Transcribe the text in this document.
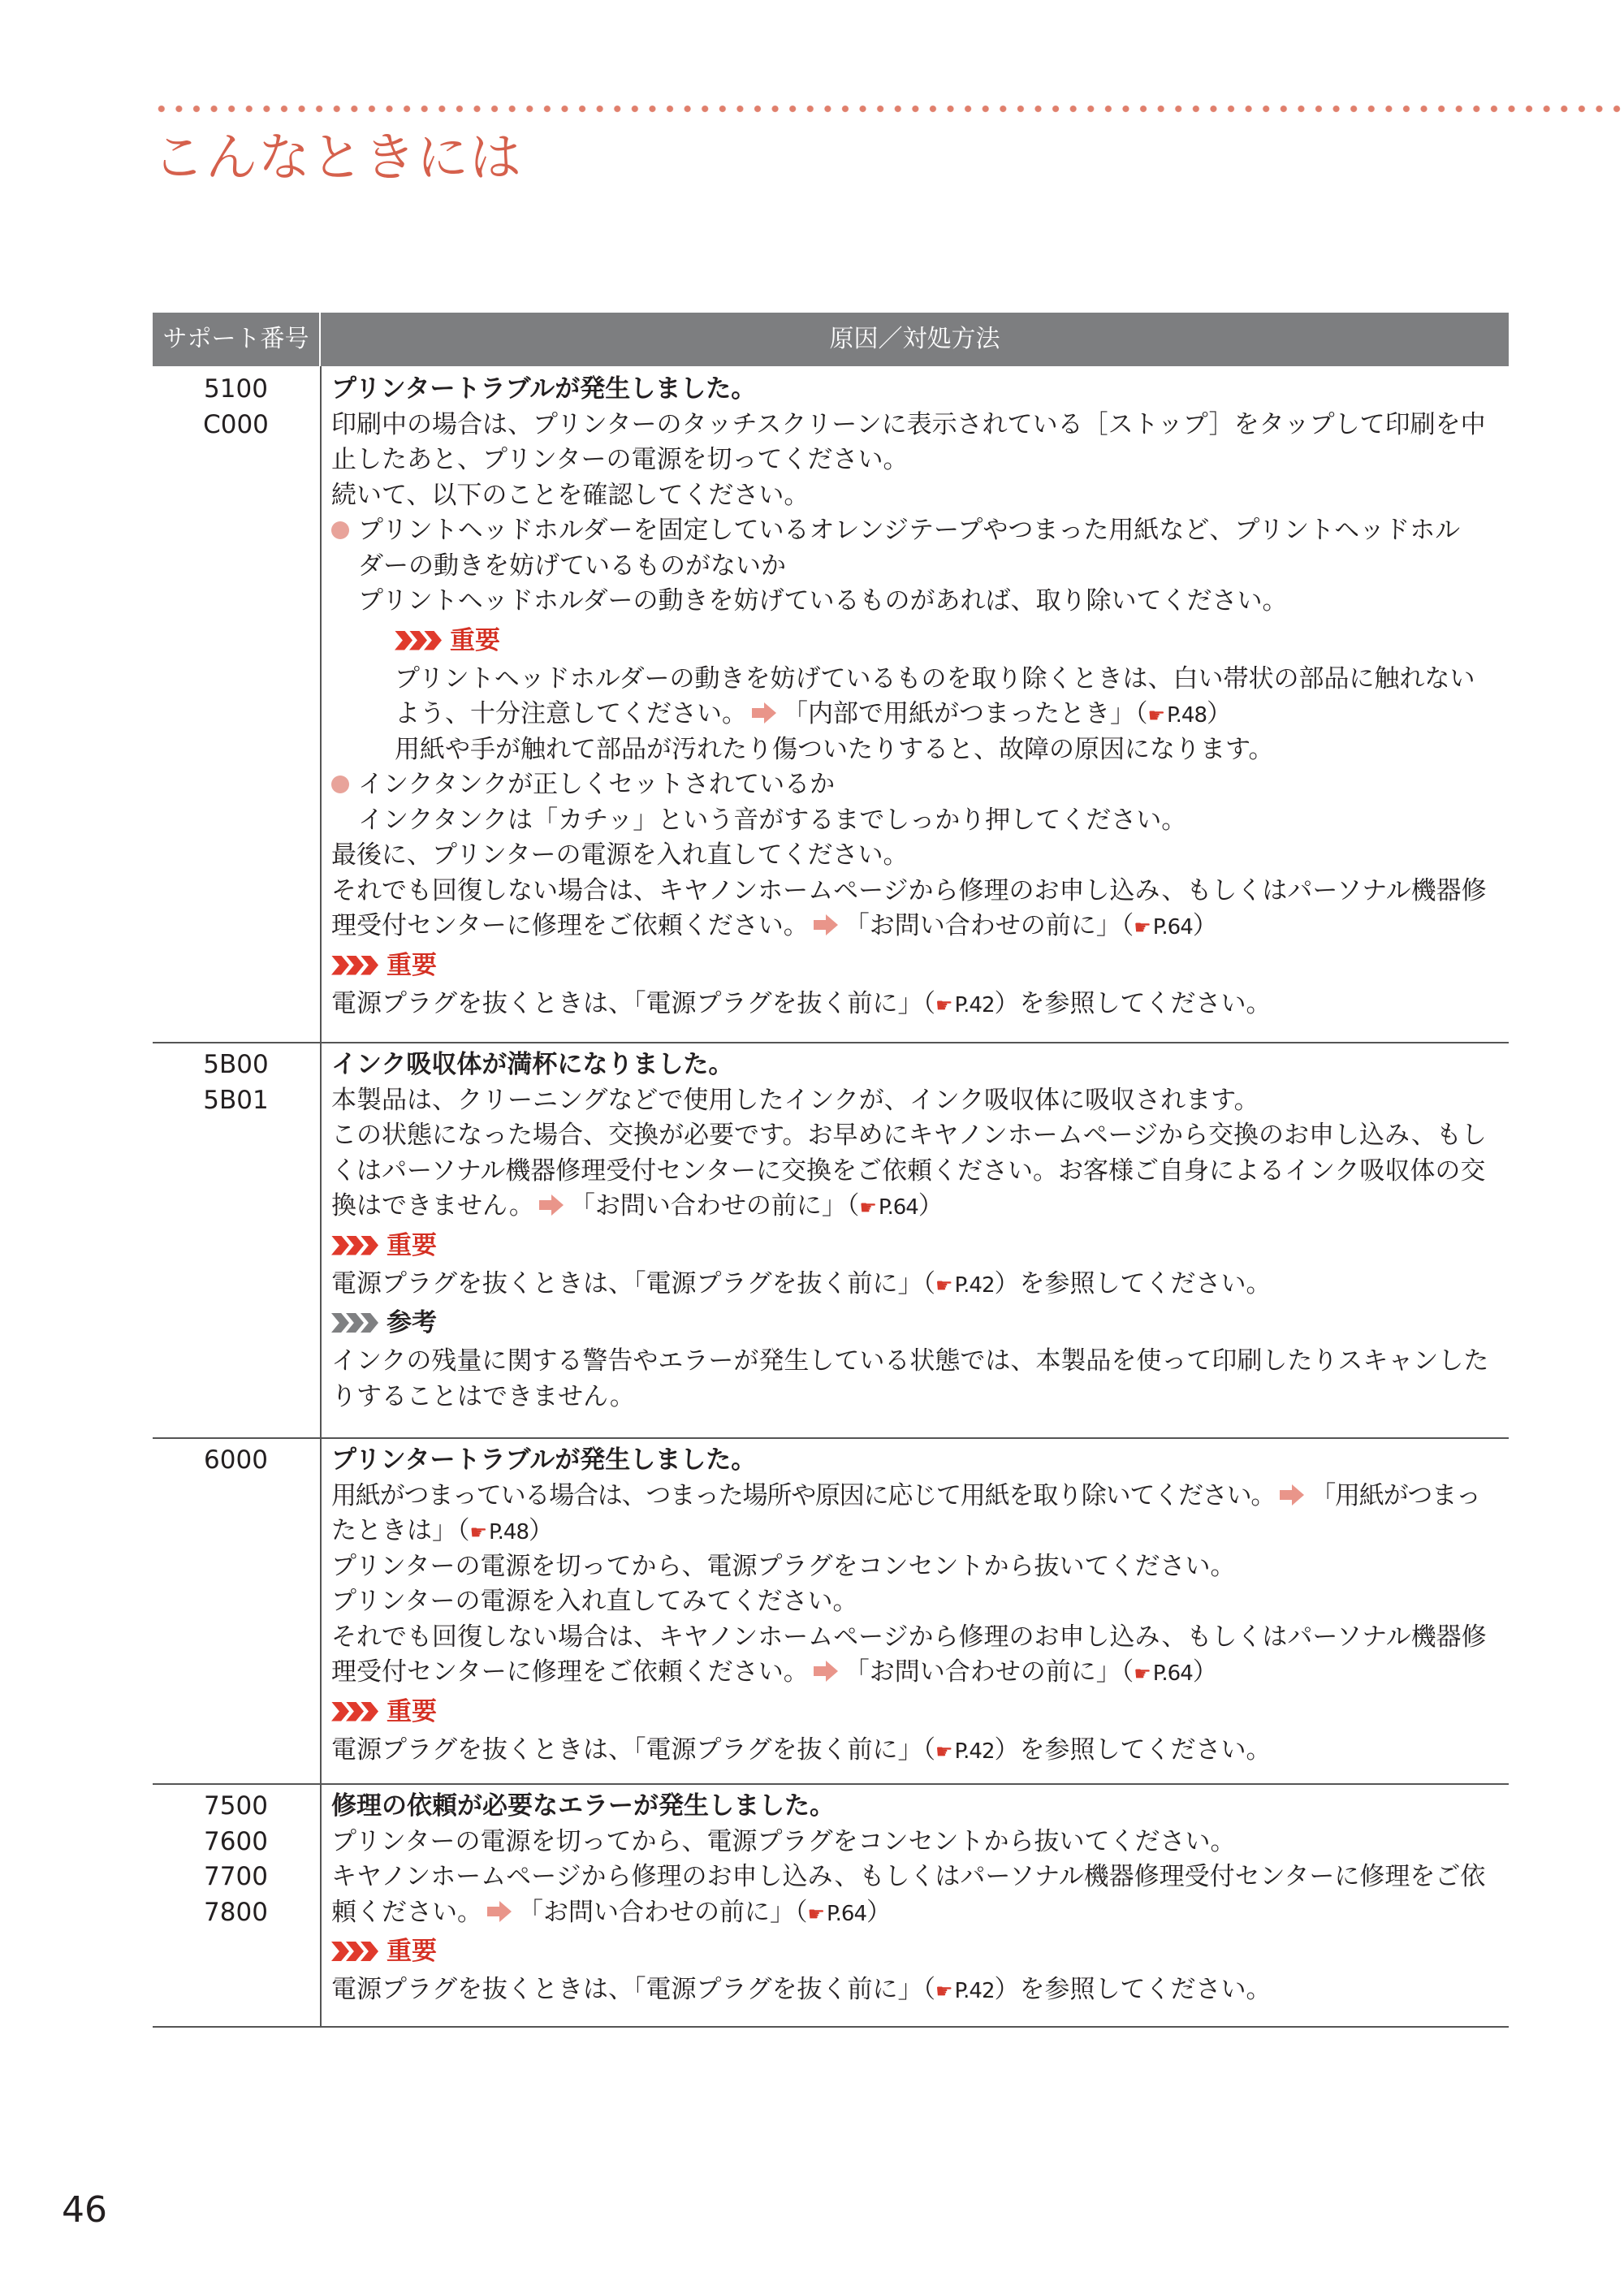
こんなときには
サポート番号	原因／対処方法
5100
C000
プリンタートラブルが発生しました。
印刷中の場合は、プリンターのタッチスクリーンに表示されている［ストップ］をタップして印刷を中
止したあと、プリンターの電源を切ってください。
続いて、以下のことを確認してください。
プリントヘッドホルダーを固定しているオレンジテープやつまった用紙など、プリントヘッドホル
ダーの動きを妨げているものがないか
プリントヘッドホルダーの動きを妨げているものがあれば、取り除いてください。
重要
プリントヘッドホルダーの動きを妨げているものを取り除くときは、白い帯状の部品に触れない
よう、十分注意してください。 「内部で用紙がつまったとき」（☛P.48）
用紙や手が触れて部品が汚れたり傷ついたりすると、故障の原因になります。
インクタンクが正しくセットされているか
インクタンクは「カチッ」という音がするまでしっかり押してください。
最後に、プリンターの電源を入れ直してください。
それでも回復しない場合は、キヤノンホームページから修理のお申し込み、もしくはパーソナル機器修
理受付センターに修理をご依頼ください。 「お問い合わせの前に」（☛P.64）
重要
電源プラグを抜くときは、「電源プラグを抜く前に」（☛P.42）を参照してください。
5B00
5B01
インク吸収体が満杯になりました。
本製品は、クリーニングなどで使用したインクが、インク吸収体に吸収されます。
この状態になった場合、交換が必要です。お早めにキヤノンホームページから交換のお申し込み、もし
くはパーソナル機器修理受付センターに交換をご依頼ください。お客様ご自身によるインク吸収体の交
換はできません。 「お問い合わせの前に」（☛P.64）
重要
電源プラグを抜くときは、「電源プラグを抜く前に」（☛P.42）を参照してください。
参考
インクの残量に関する警告やエラーが発生している状態では、本製品を使って印刷したりスキャンした
りすることはできません。
6000	プリンタートラブルが発生しました。
用紙がつまっている場合は、つまった場所や原因に応じて用紙を取り除いてください。 「用紙がつまっ
たときは」（☛P.48）
プリンターの電源を切ってから、電源プラグをコンセントから抜いてください。
プリンターの電源を入れ直してみてください。
それでも回復しない場合は、キヤノンホームページから修理のお申し込み、もしくはパーソナル機器修
理受付センターに修理をご依頼ください。 「お問い合わせの前に」（☛P.64）
重要
電源プラグを抜くときは、「電源プラグを抜く前に」（☛P.42）を参照してください。
7500
7600
7700
7800
修理の依頼が必要なエラーが発生しました。
プリンターの電源を切ってから、電源プラグをコンセントから抜いてください。
キヤノンホームページから修理のお申し込み、もしくはパーソナル機器修理受付センターに修理をご依
頼ください。 「お問い合わせの前に」（☛P.64）
重要
電源プラグを抜くときは、「電源プラグを抜く前に」（☛P.42）を参照してください。
46
